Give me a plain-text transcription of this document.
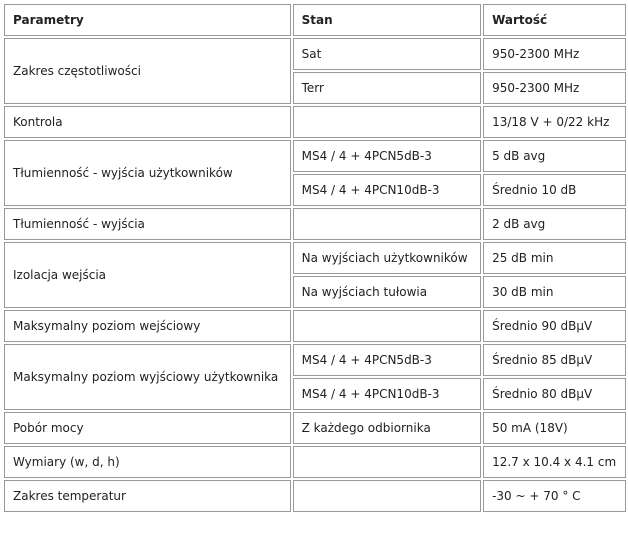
Parametry	Stan	Wartość
Zakres częstotliwości	Sat	950-2300 MHz
	Terr	950-2300 MHz
Kontrola		13/18 V + 0/22 kHz
Tłumienność - wyjścia użytkowników	MS4 / 4 + 4PCN5dB-3	5 dB avg
	MS4 / 4 + 4PCN10dB-3	Średnio 10 dB
Tłumienność - wyjścia		2 dB avg
Izolacja wejścia	Na wyjściach użytkowników	25 dB min
	Na wyjściach tułowia	30 dB min
Maksymalny poziom wejściowy		Średnio 90 dBµV
Maksymalny poziom wyjściowy użytkownika	MS4 / 4 + 4PCN5dB-3	Średnio 85 dBµV
	MS4 / 4 + 4PCN10dB-3	Średnio 80 dBµV
Pobór mocy	Z każdego odbiornika	50 mA (18V)
Wymiary (w, d, h)		12.7 x 10.4 x 4.1 cm
Zakres temperatur		-30 ~ + 70 ° C
